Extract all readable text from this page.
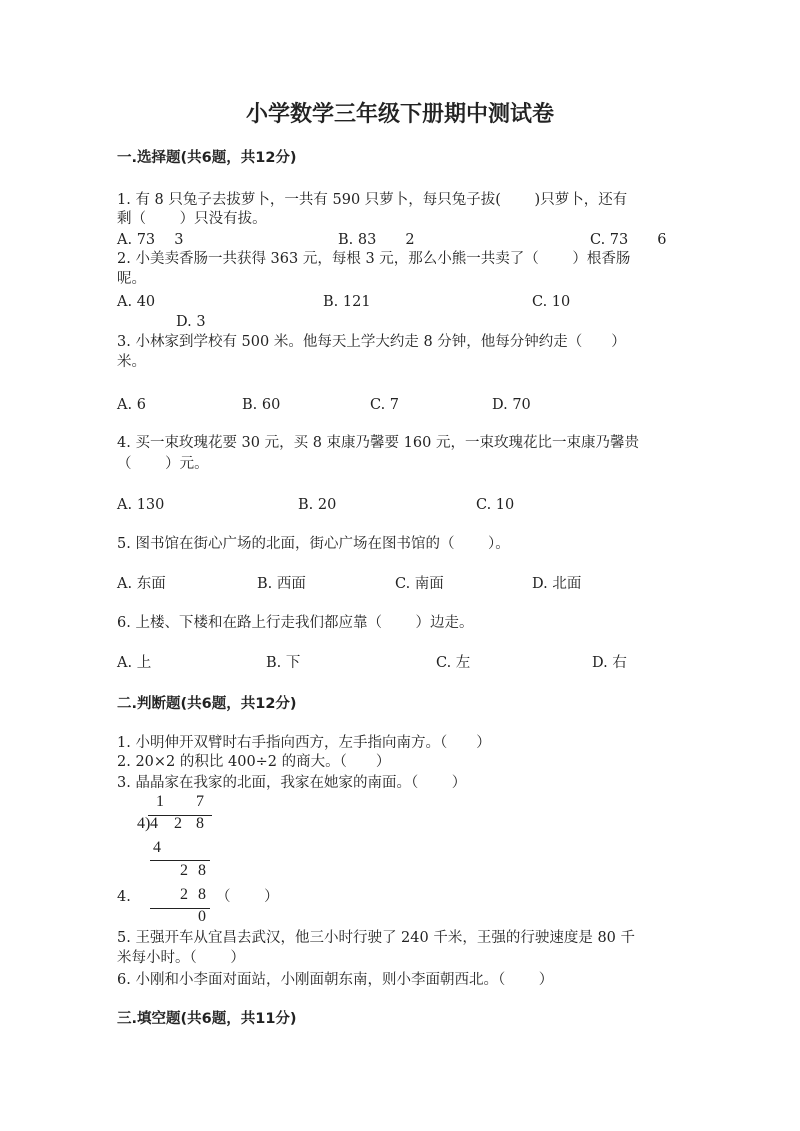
小学数学三年级下册期中测试卷
一.选择题(共6题，共12分)
1. 有 8 只兔子去拔萝卜，一共有 590 只萝卜，每只兔子拔(　　 )只萝卜，还有
剩（　　 ）只没有拔。
A. 73　 3	B. 83　　2	C. 73　　6
2. 小美卖香肠一共获得 363 元，每根 3 元，那么小熊一共卖了（　　 ）根香肠
呢。
A. 40	B. 121	C. 10
D. 3
3. 小林家到学校有 500 米。他每天上学大约走 8 分钟，他每分钟约走（　　）
米。
A. 6	B. 60	C. 7	D. 70
4. 买一束玫瑰花要 30 元，买 8 束康乃馨要 160 元，一束玫瑰花比一束康乃馨贵
（　　 ）元。
A. 130	B. 20	C. 10
5. 图书馆在街心广场的北面，街心广场在图书馆的（　　 ）。
A. 东面	B. 西面	C. 南面	D. 北面
6. 上楼、下楼和在路上行走我们都应靠（　　 ）边走。
A. 上	B. 下	C. 左	D. 右
二.判断题(共6题，共12分)
1. 小明伸开双臂时右手指向西方，左手指向南方。（　　）
2. 20×2 的积比 400÷2 的商大。（　　）
3. 晶晶家在我家的北面，我家在她家的南面。（　　 ）
1 7
4) 4 2 8
4
2 8
4.	2 8 （　　 ）
0
5. 王强开车从宜昌去武汉，他三小时行驶了 240 千米，王强的行驶速度是 80 千
米每小时。（　　 ）
6. 小刚和小李面对面站，小刚面朝东南，则小李面朝西北。（　　 ）
三.填空题(共6题，共11分)
